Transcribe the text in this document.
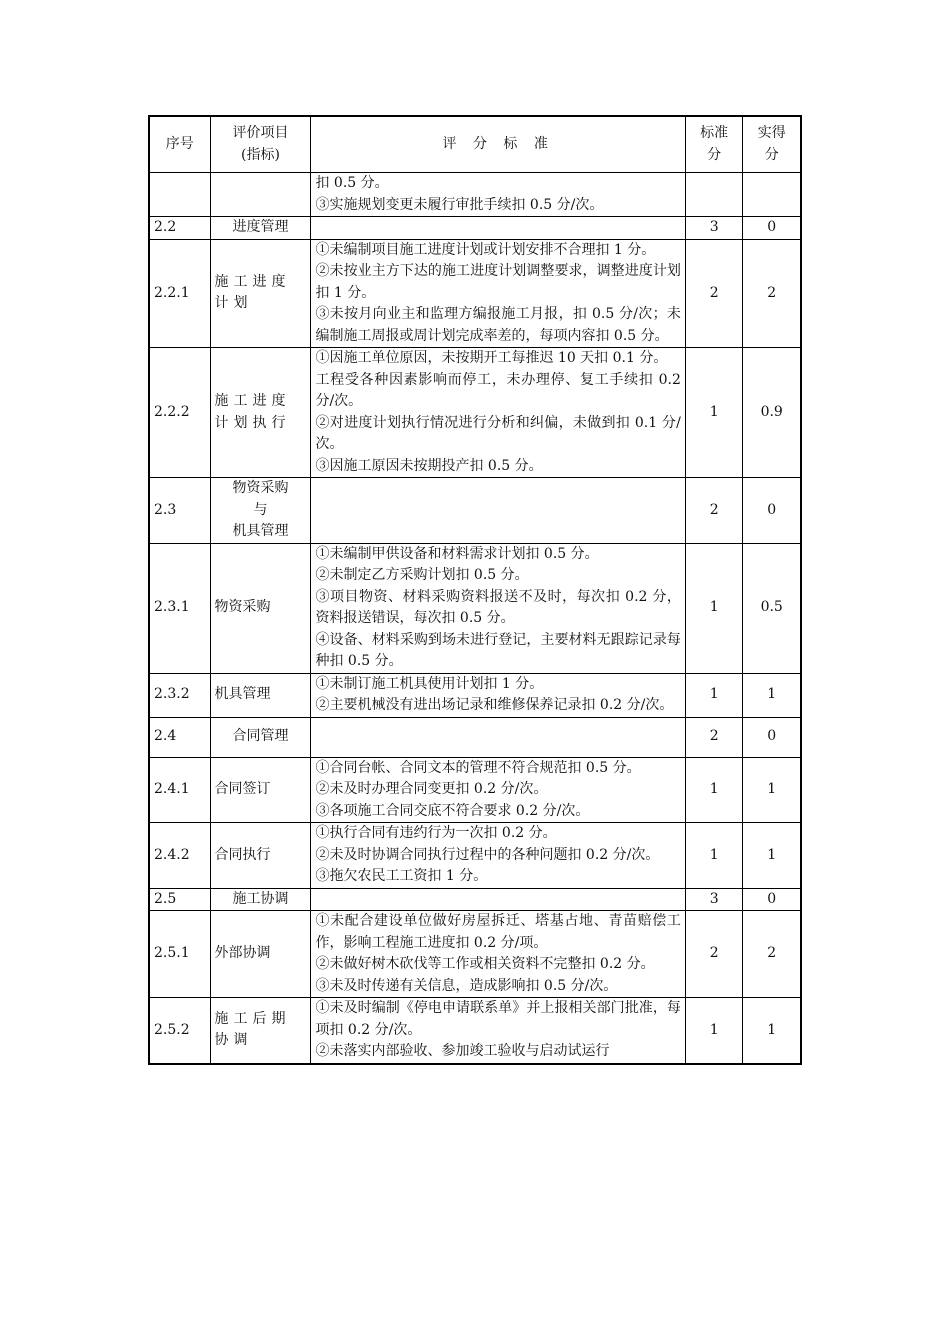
序号	评价项目
(指标)	评 分 标 准	标准
分	实得
分

		扣 0.5 分。
③实施规划变更未履行审批手续扣 0.5 分/次。		

2.2	进度管理		3	0
2.2.1	施工进度计划	①未编制项目施工进度计划或计划安排不合理扣 1 分。
②未按业主方下达的施工进度计划调整要求，调整进度计划扣 1 分。
③未按月向业主和监理方编报施工月报，扣 0.5 分/次；未编制施工周报或周计划完成率差的，每项内容扣 0.5 分。	2	2
2.2.2	施工进度计划执行	①因施工单位原因，未按期开工每推迟 10 天扣 0.1 分。
工程受各种因素影响而停工，未办理停、复工手续扣 0.2 分/次。
②对进度计划执行情况进行分析和纠偏，未做到扣 0.1 分/次。
③因施工原因未按期投产扣 0.5 分。	1	0.9
2.3	物资采购
与
机具管理		2	0
2.3.1	物资采购	①未编制甲供设备和材料需求计划扣 0.5 分。
②未制定乙方采购计划扣 0.5 分。
③项目物资、材料采购资料报送不及时，每次扣 0.2 分，资料报送错误，每次扣 0.5 分。
④设备、材料采购到场未进行登记，主要材料无跟踪记录每种扣 0.5 分。	1	0.5
2.3.2	机具管理	①未制订施工机具使用计划扣 1 分。
②主要机械没有进出场记录和维修保养记录扣 0.2 分/次。	1	1
2.4	合同管理		2	0
2.4.1	合同签订	①合同台帐、合同文本的管理不符合规范扣 0.5 分。
②未及时办理合同变更扣 0.2 分/次。
③各项施工合同交底不符合要求 0.2 分/次。	1	1
2.4.2	合同执行	①执行合同有违约行为一次扣 0.2 分。
②未及时协调合同执行过程中的各种问题扣 0.2 分/次。
③拖欠农民工工资扣 1 分。	1	1
2.5	施工协调		3	0
2.5.1	外部协调	①未配合建设单位做好房屋拆迁、塔基占地、青苗赔偿工作，影响工程施工进度扣 0.2 分/项。
②未做好树木砍伐等工作或相关资料不完整扣 0.2 分。
③未及时传递有关信息，造成影响扣 0.5 分/次。	2	2
2.5.2	施工后期协调	①未及时编制《停电申请联系单》并上报相关部门批准，每项扣 0.2 分/次。
②未落实内部验收、参加竣工验收与启动试运行	1	1
